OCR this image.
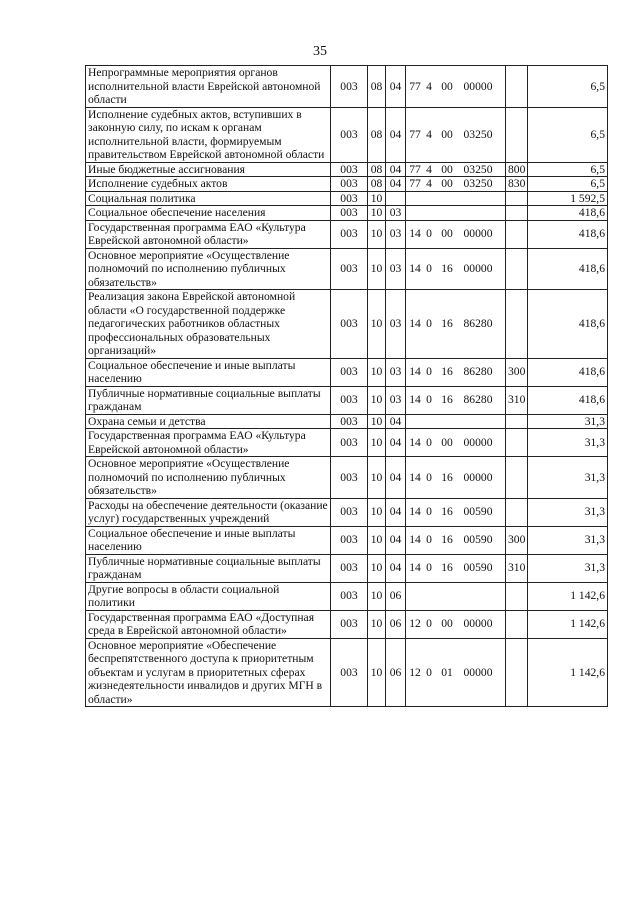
35
Непрограммные мероприятия органов исполнительной власти Еврейской автономной области	003	08	04	77 4 00 00000		6,5
Исполнение судебных актов, вступивших в законную силу, по искам к органам исполнительной власти, формируемым правительством Еврейской автономной области	003	08	04	77 4 00 03250		6,5
Иные бюджетные ассигнования	003	08	04	77 4 00 03250	800	6,5
Исполнение судебных актов	003	08	04	77 4 00 03250	830	6,5
Социальная политика	003	10				1 592,5
Социальное обеспечение населения	003	10	03			418,6
Государственная программа ЕАО «Культура Еврейской автономной области»	003	10	03	14 0 00 00000		418,6
Основное мероприятие «Осуществление полномочий по исполнению публичных обязательств»	003	10	03	14 0 16 00000		418,6
Реализация закона Еврейской автономной области «О государственной поддержке педагогических работников областных профессиональных образовательных организаций»	003	10	03	14 0 16 86280		418,6
Социальное обеспечение и иные выплаты населению	003	10	03	14 0 16 86280	300	418,6
Публичные нормативные социальные выплаты гражданам	003	10	03	14 0 16 86280	310	418,6
Охрана семьи и детства	003	10	04			31,3
Государственная программа ЕАО «Культура Еврейской автономной области»	003	10	04	14 0 00 00000		31,3
Основное мероприятие «Осуществление полномочий по исполнению публичных обязательств»	003	10	04	14 0 16 00000		31,3
Расходы на обеспечение деятельности (оказание услуг) государственных учреждений	003	10	04	14 0 16 00590		31,3
Социальное обеспечение и иные выплаты населению	003	10	04	14 0 16 00590	300	31,3
Публичные нормативные социальные выплаты гражданам	003	10	04	14 0 16 00590	310	31,3
Другие вопросы в области социальной политики	003	10	06			1 142,6
Государственная программа ЕАО «Доступная среда в Еврейской автономной области»	003	10	06	12 0 00 00000		1 142,6
Основное мероприятие «Обеспечение беспрепятственного доступа к приоритетным объектам и услугам в приоритетных сферах жизнедеятельности инвалидов и других МГН в области»	003	10	06	12 0 01 00000		1 142,6
